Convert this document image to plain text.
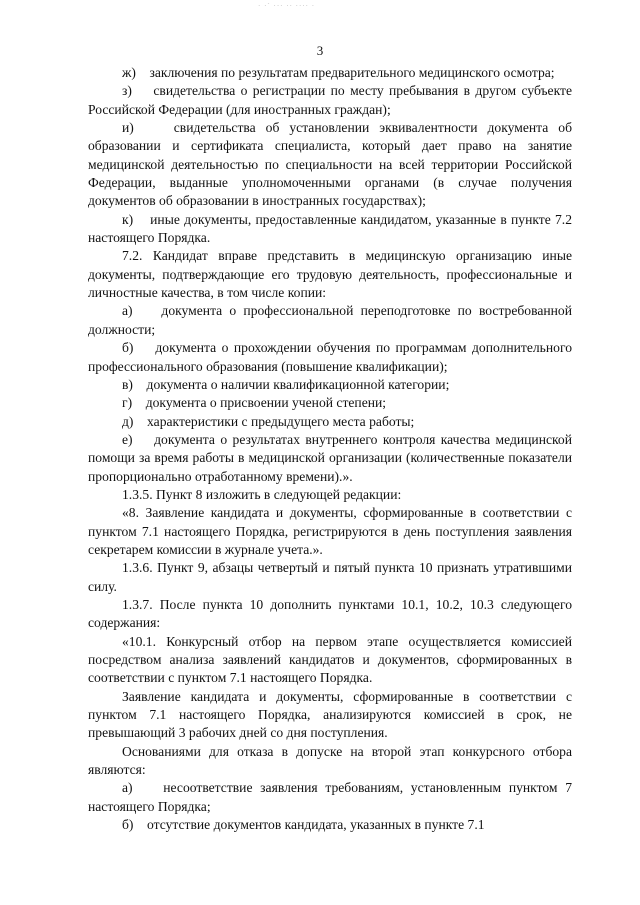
· ·` ··· ·· ···· ·
3

ж)    заключения по результатам предварительного медицинского осмотра;

з)    свидетельства о регистрации по месту пребывания в другом субъекте Российской Федерации (для иностранных граждан);

и)    свидетельства об установлении эквивалентности документа об образовании и сертификата специалиста, который дает право на занятие медицинской деятельностью по специальности на всей территории Российской Федерации, выданные уполномоченными органами (в случае получения документов об образовании в иностранных государствах);

к)    иные документы, предоставленные кандидатом, указанные в пункте 7.2 настоящего Порядка.

7.2. Кандидат вправе представить в медицинскую организацию иные документы, подтверждающие его трудовую деятельность, профессиональные и личностные качества, в том числе копии:

а)    документа о профессиональной переподготовке по востребованной должности;

б)    документа о прохождении обучения по программам дополнительного профессионального образования (повышение квалификации);

в)    документа о наличии квалификационной категории;

г)    документа о присвоении ученой степени;

д)    характеристики с предыдущего места работы;

е)    документа о результатах внутреннего контроля качества медицинской помощи за время работы в медицинской организации (количественные показатели пропорционально отработанному времени).».

1.3.5. Пункт 8 изложить в следующей редакции:

«8. Заявление кандидата и документы, сформированные в соответствии с пунктом 7.1 настоящего Порядка, регистрируются в день поступления заявления секретарем комиссии в журнале учета.».

1.3.6. Пункт 9, абзацы четвертый и пятый пункта 10 признать утратившими силу.

1.3.7. После пункта 10 дополнить пунктами 10.1, 10.2, 10.3 следующего содержания:

«10.1. Конкурсный отбор на первом этапе осуществляется комиссией посредством анализа заявлений кандидатов и документов, сформированных в соответствии с пунктом 7.1 настоящего Порядка.

Заявление кандидата и документы, сформированные в соответствии с пунктом 7.1 настоящего Порядка, анализируются комиссией в срок, не превышающий 3 рабочих дней со дня поступления.

Основаниями для отказа в допуске на второй этап конкурсного отбора являются:

а)    несоответствие заявления требованиям, установленным пунктом 7 настоящего Порядка;

б)    отсутствие документов кандидата, указанных в пункте 7.1
